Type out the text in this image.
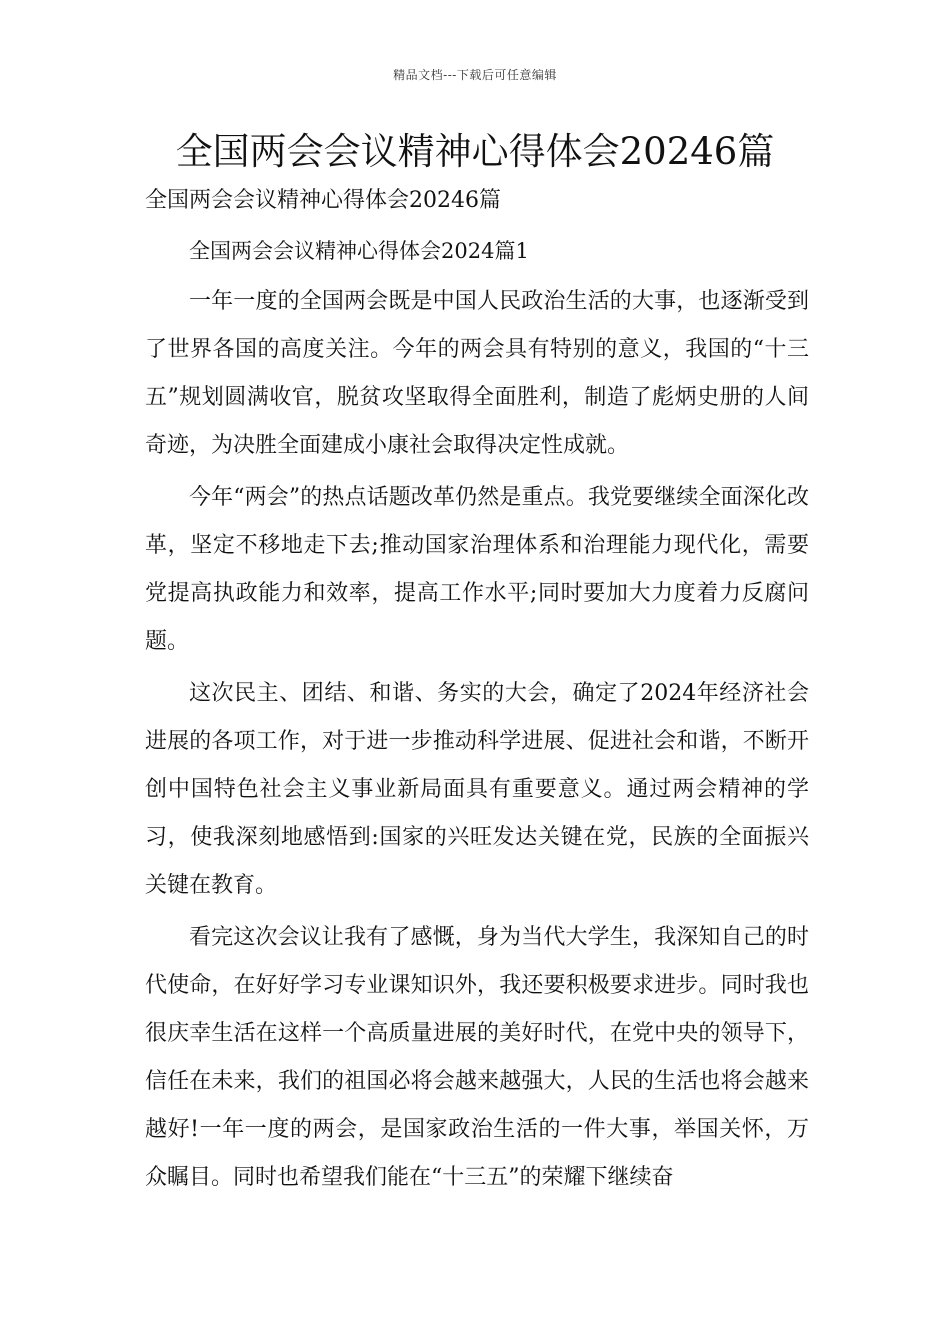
精品文档---下载后可任意编辑
全国两会会议精神心得体会20246篇
全国两会会议精神心得体会20246篇

全国两会会议精神心得体会2024篇1

一年一度的全国两会既是中国人民政治生活的大事，也逐渐受到了世界各国的高度关注。今年的两会具有特别的意义，我国的“十三五”规划圆满收官，脱贫攻坚取得全面胜利，制造了彪炳史册的人间奇迹，为决胜全面建成小康社会取得决定性成就。

今年“两会”的热点话题改革仍然是重点。我党要继续全面深化改革，坚定不移地走下去;推动国家治理体系和治理能力现代化，需要党提高执政能力和效率，提高工作水平;同时要加大力度着力反腐问题。

这次民主、团结、和谐、务实的大会，确定了2024年经济社会进展的各项工作，对于进一步推动科学进展、促进社会和谐，不断开创中国特色社会主义事业新局面具有重要意义。通过两会精神的学习，使我深刻地感悟到:国家的兴旺发达关键在党，民族的全面振兴关键在教育。

看完这次会议让我有了感慨，身为当代大学生，我深知自己的时代使命，在好好学习专业课知识外，我还要积极要求进步。同时我也很庆幸生活在这样一个高质量进展的美好时代，在党中央的领导下，信任在未来，我们的祖国必将会越来越强大，人民的生活也将会越来越好!一年一度的两会，是国家政治生活的一件大事，举国关怀，万众瞩目。同时也希望我们能在“十三五”的荣耀下继续奋
